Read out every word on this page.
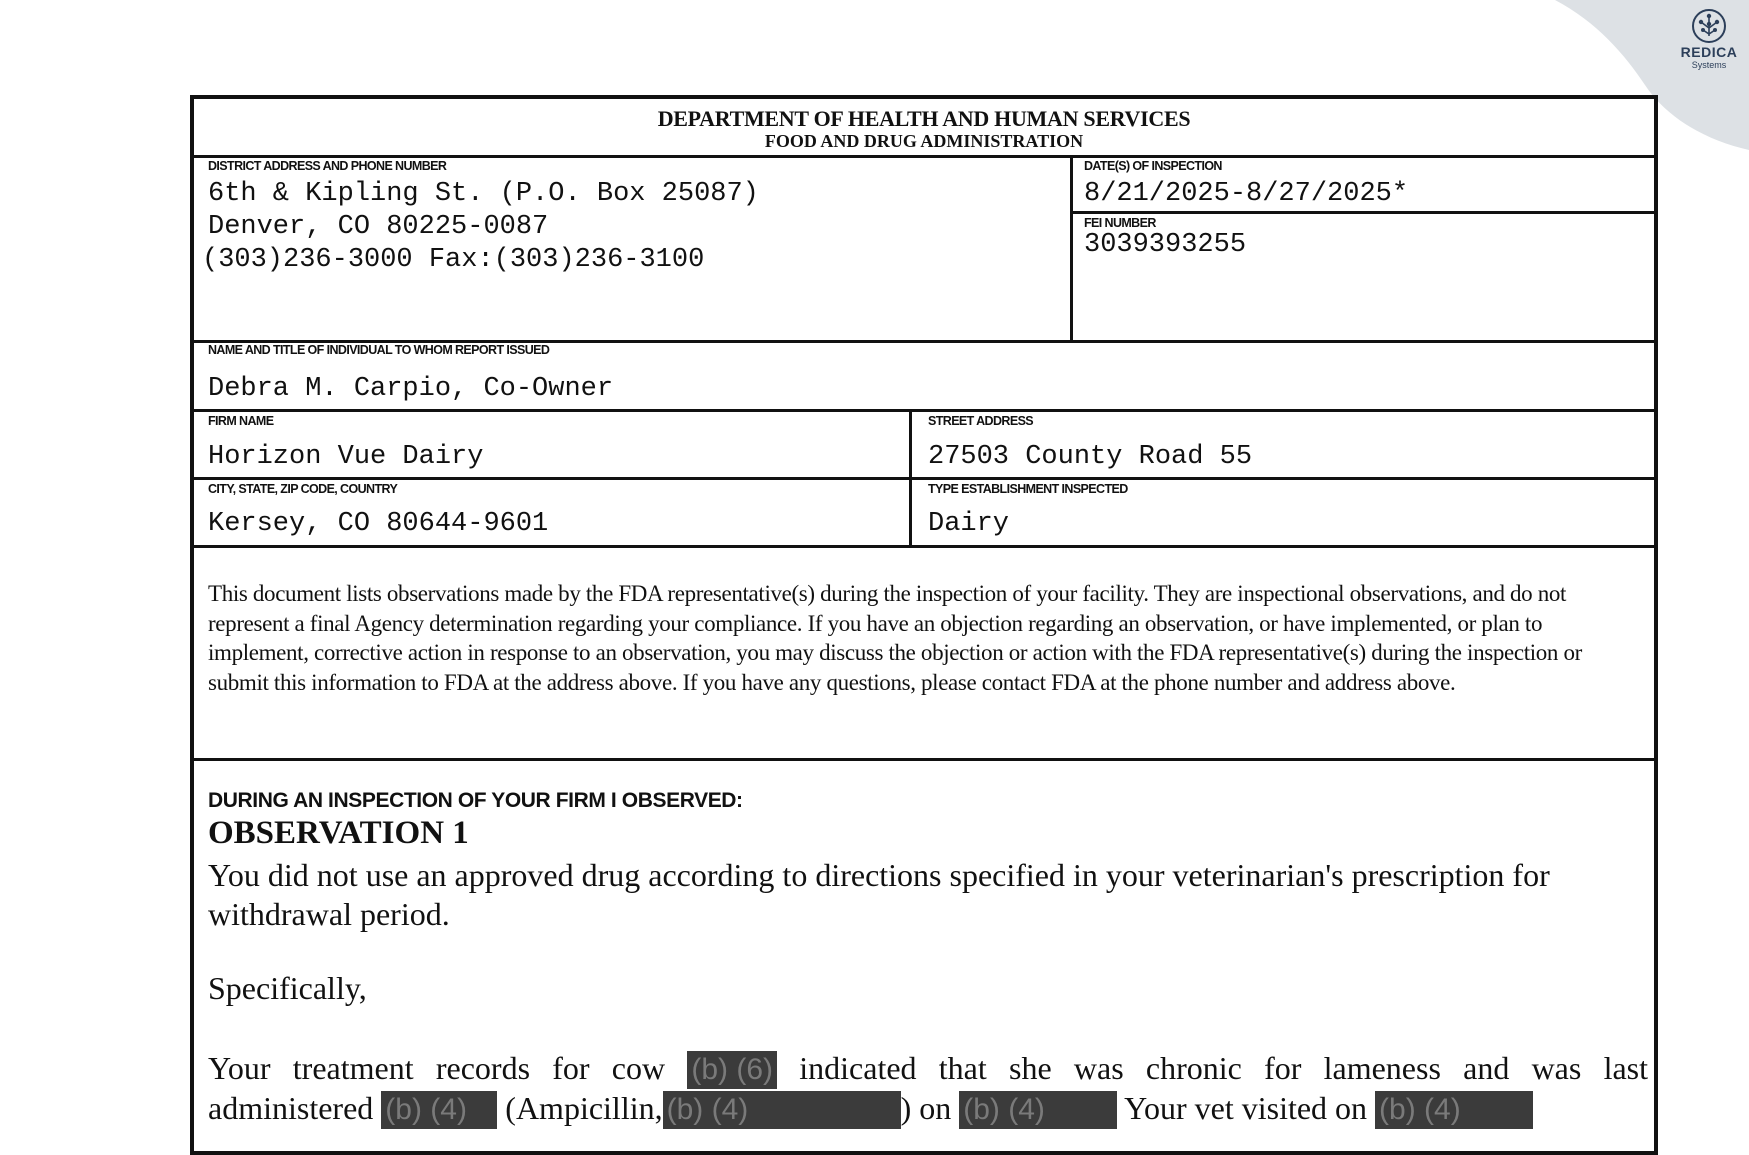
REDICA
Systems
DEPARTMENT OF HEALTH AND HUMAN SERVICES
FOOD AND DRUG ADMINISTRATION
DISTRICT ADDRESS AND PHONE NUMBER
6th & Kipling St. (P.O. Box 25087)
Denver, CO 80225-0087
(303)236-3000 Fax:(303)236-3100
DATE(S) OF INSPECTION
8/21/2025-8/27/2025*
FEI NUMBER
3039393255
NAME AND TITLE OF INDIVIDUAL TO WHOM REPORT ISSUED
Debra M. Carpio, Co-Owner
FIRM NAME
Horizon Vue Dairy
STREET ADDRESS
27503 County Road 55
CITY, STATE, ZIP CODE, COUNTRY
Kersey, CO 80644-9601
TYPE ESTABLISHMENT INSPECTED
Dairy
This document lists observations made by the FDA representative(s) during the inspection of your facility. They are inspectional observations, and do not represent a final Agency determination regarding your compliance. If you have an objection regarding an observation, or have implemented, or plan to implement, corrective action in response to an observation, you may discuss the objection or action with the FDA representative(s) during the inspection or submit this information to FDA at the address above. If you have any questions, please contact FDA at the phone number and address above.
DURING AN INSPECTION OF YOUR FIRM I OBSERVED:
OBSERVATION 1
You did not use an approved drug according to directions specified in your veterinarian's prescription for withdrawal period.
Specifically,
Your treatment records for cow (b) (6) indicated that she was chronic for lameness and was last
administered (b) (4) (Ampicillin, (b) (4)	) on (b) (4) Your vet visited on (b) (4)
